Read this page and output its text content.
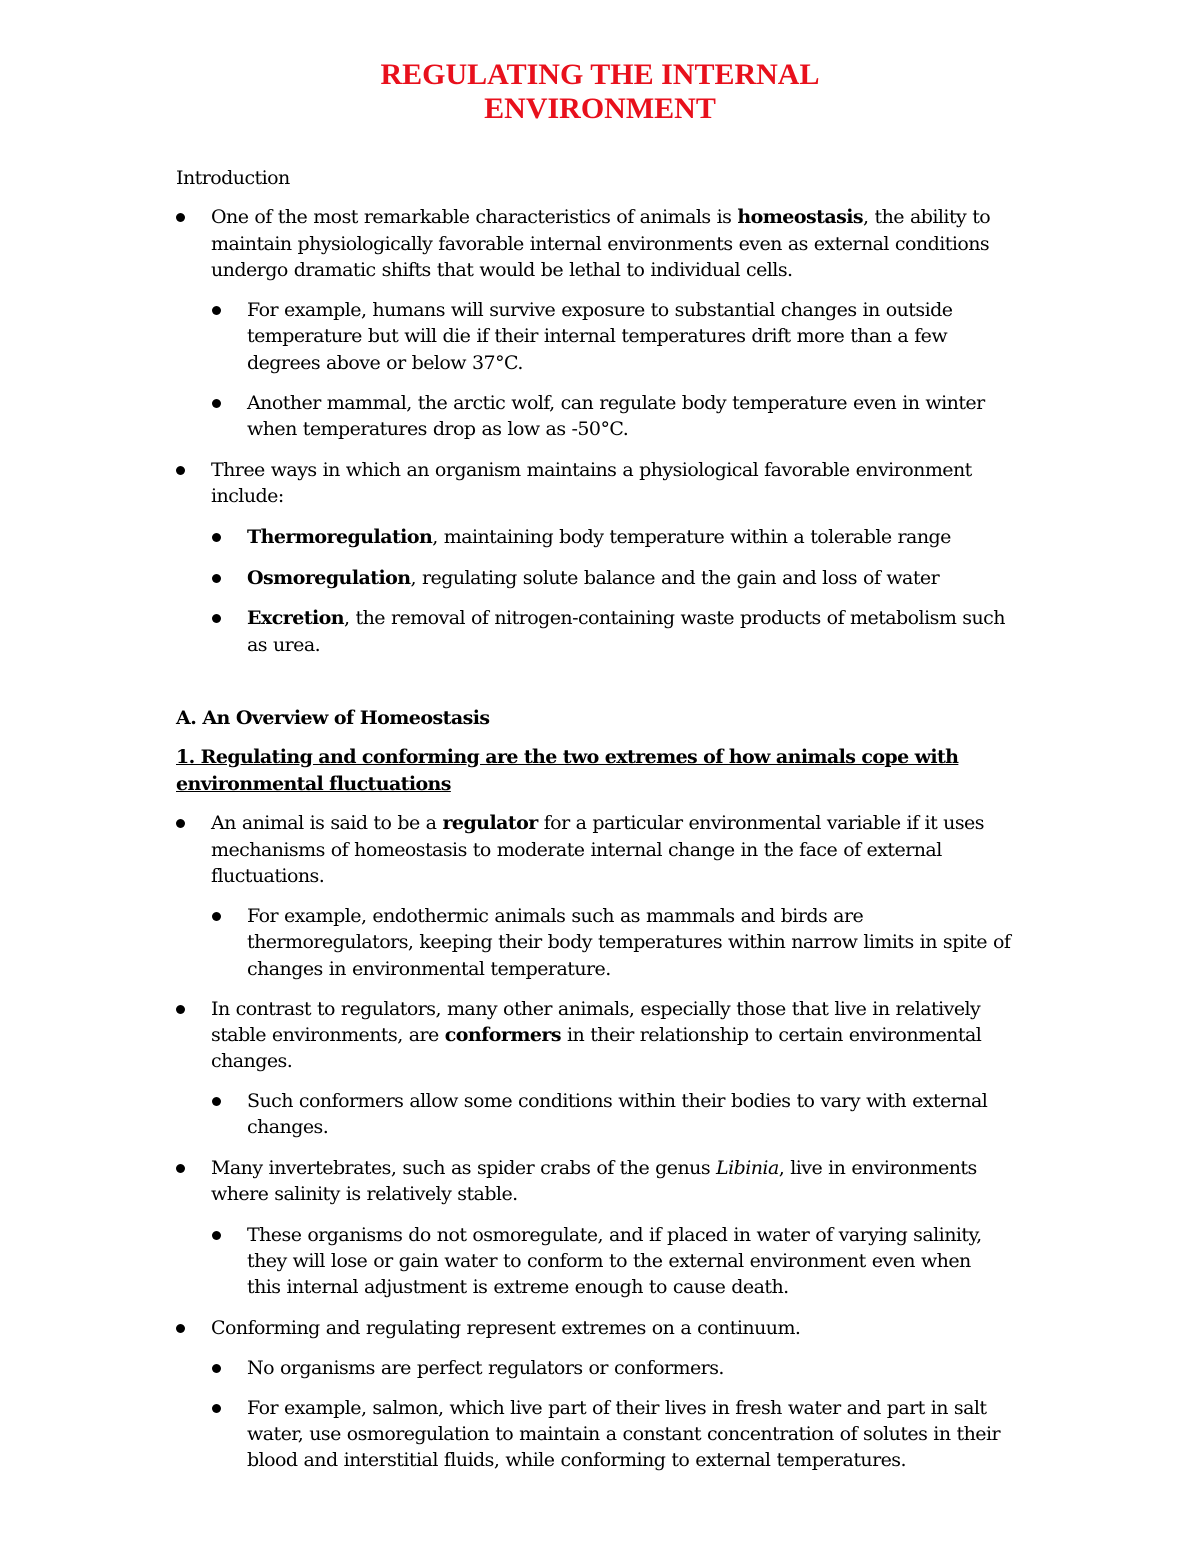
REGULATING THE INTERNAL
ENVIRONMENT
Introduction
One of the most remarkable characteristics of animals is homeostasis, the ability to
maintain physiologically favorable internal environments even as external conditions
undergo dramatic shifts that would be lethal to individual cells.
For example, humans will survive exposure to substantial changes in outside
temperature but will die if their internal temperatures drift more than a few
degrees above or below 37°C.
Another mammal, the arctic wolf, can regulate body temperature even in winter
when temperatures drop as low as -50°C.
Three ways in which an organism maintains a physiological favorable environment
include:
Thermoregulation, maintaining body temperature within a tolerable range
Osmoregulation, regulating solute balance and the gain and loss of water
Excretion, the removal of nitrogen-containing waste products of metabolism such
as urea.
A. An Overview of Homeostasis
1. Regulating and conforming are the two extremes of how animals cope with
environmental fluctuations
An animal is said to be a regulator for a particular environmental variable if it uses
mechanisms of homeostasis to moderate internal change in the face of external
fluctuations.
For example, endothermic animals such as mammals and birds are
thermoregulators, keeping their body temperatures within narrow limits in spite of
changes in environmental temperature.
In contrast to regulators, many other animals, especially those that live in relatively
stable environments, are conformers in their relationship to certain environmental
changes.
Such conformers allow some conditions within their bodies to vary with external
changes.
Many invertebrates, such as spider crabs of the genus Libinia, live in environments
where salinity is relatively stable.
These organisms do not osmoregulate, and if placed in water of varying salinity,
they will lose or gain water to conform to the external environment even when
this internal adjustment is extreme enough to cause death.
Conforming and regulating represent extremes on a continuum.
No organisms are perfect regulators or conformers.
For example, salmon, which live part of their lives in fresh water and part in salt
water, use osmoregulation to maintain a constant concentration of solutes in their
blood and interstitial fluids, while conforming to external temperatures.
